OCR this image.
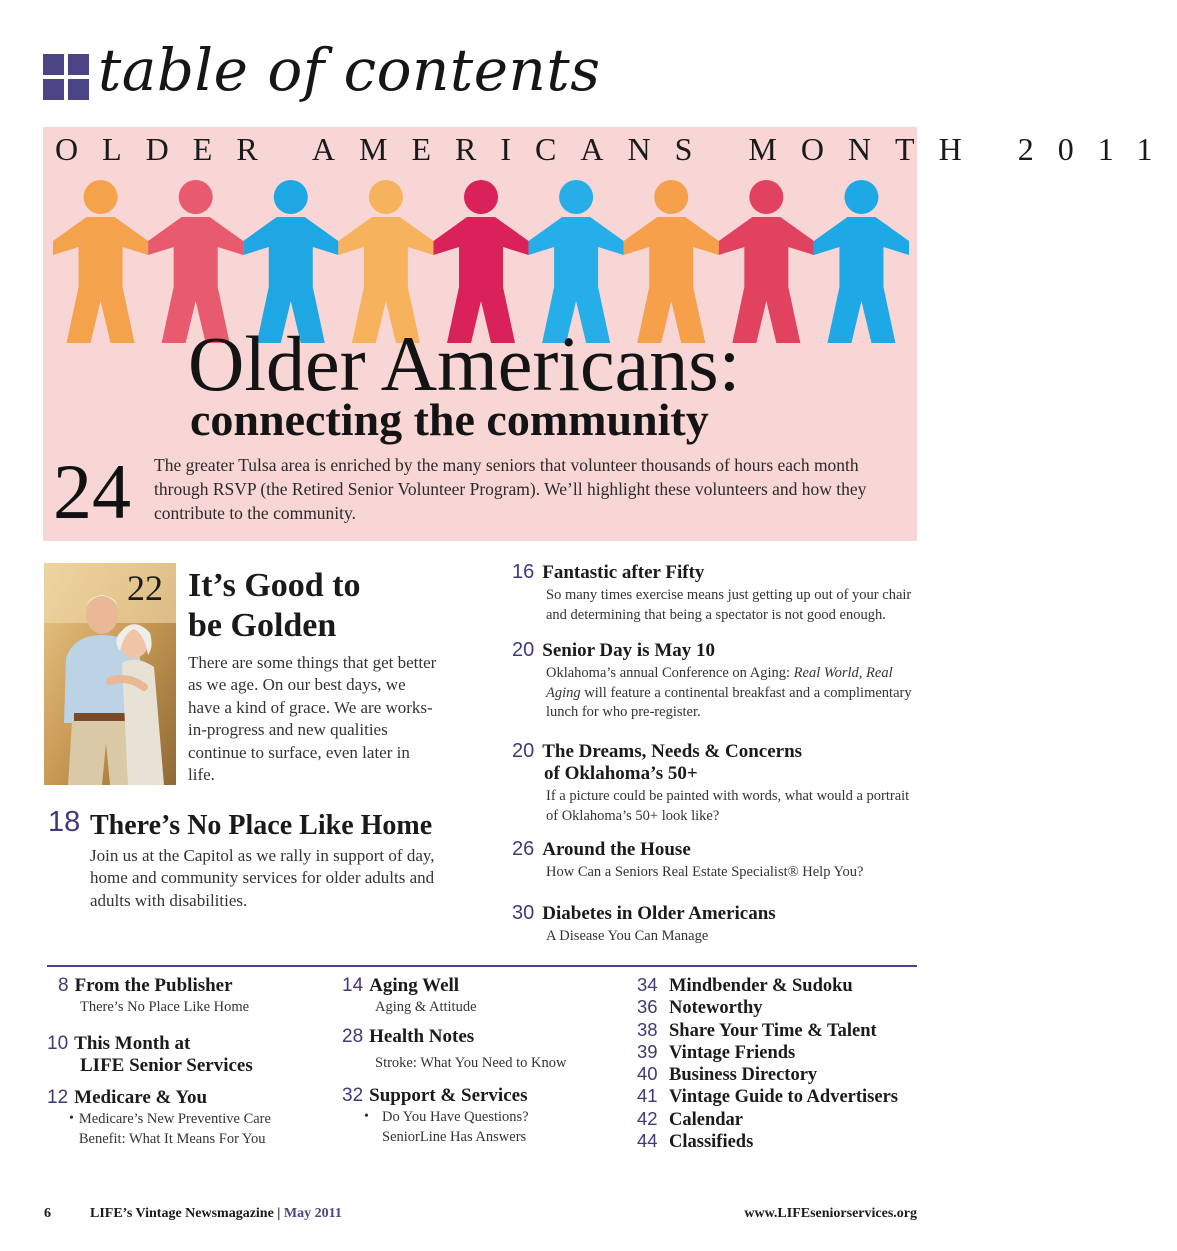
table of contents
OLDER AMERICANS MONTH 2011
Older Americans:
connecting the community
24 The greater Tulsa area is enriched by the many seniors that volunteer thousands of hours each month through RSVP (the Retired Senior Volunteer Program). We’ll highlight these volunteers and how they contribute to the community.
22 It’s Good to
be Golden
There are some things that get better as we age. On our best days, we have a kind of grace. We are works-in-progress and new qualities continue to surface, even later in life.
18 There’s No Place Like Home
Join us at the Capitol as we rally in support of day, home and community services for older adults and adults with disabilities.
16 Fantastic after Fifty
So many times exercise means just getting up out of your chair and determining that being a spectator is not good enough.
20 Senior Day is May 10
Oklahoma’s annual Conference on Aging: Real World, Real Aging will feature a continental breakfast and a complimentary lunch for who pre-register.
20 The Dreams, Needs & Concerns
of Oklahoma’s 50+
If a picture could be painted with words, what would a portrait of Oklahoma’s 50+ look like?
26 Around the House
How Can a Seniors Real Estate Specialist® Help You?
30 Diabetes in Older Americans
A Disease You Can Manage
8 From the Publisher
There’s No Place Like Home
10 This Month at
LIFE Senior Services
12 Medicare & You
• Medicare’s New Preventive Care Benefit: What It Means For You
14 Aging Well
Aging & Attitude
28 Health Notes
Stroke: What You Need to Know
32 Support & Services
• Do You Have Questions?
SeniorLine Has Answers
34 Mindbender & Sudoku
36 Noteworthy
38 Share Your Time & Talent
39 Vintage Friends
40 Business Directory
41 Vintage Guide to Advertisers
42 Calendar
44 Classifieds
6	LIFE’s Vintage Newsmagazine | May 2011	www.LIFEseniorservices.org
